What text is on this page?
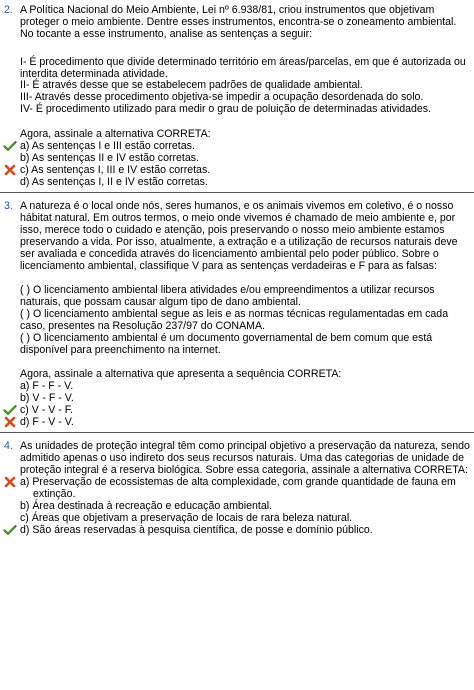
2. A Política Nacional do Meio Ambiente, Lei nº 6.938/81, criou instrumentos que objetivam
proteger o meio ambiente. Dentre esses instrumentos, encontra-se o zoneamento ambiental.
No tocante a esse instrumento, analise as sentenças a seguir:
I- É procedimento que divide determinado território em áreas/parcelas, em que é autorizada ou
interdita determinada atividade.
II- É através desse que se estabelecem padrões de qualidade ambiental.
III- Através desse procedimento objetiva-se impedir a ocupação desordenada do solo.
IV- É procedimento utilizado para medir o grau de poluição de determinadas atividades.
Agora, assinale a alternativa CORRETA:
a) As sentenças I e III estão corretas.
b) As sentenças II e IV estão corretas.
c) As sentenças I, III e IV estão corretas.
d) As sentenças I, II e IV estão corretas.
3. A natureza é o local onde nós, seres humanos, e os animais vivemos em coletivo, é o nosso
hábitat natural. Em outros termos, o meio onde vivemos é chamado de meio ambiente e, por
isso, merece todo o cuidado e atenção, pois preservando o nosso meio ambiente estamos
preservando a vida. Por isso, atualmente, a extração e a utilização de recursos naturais deve
ser avaliada e concedida através do licenciamento ambiental pelo poder público. Sobre o
licenciamento ambiental, classifique V para as sentenças verdadeiras e F para as falsas:
( ) O licenciamento ambiental libera atividades e/ou empreendimentos a utilizar recursos
naturais, que possam causar algum tipo de dano ambiental.
( ) O licenciamento ambiental segue as leis e as normas técnicas regulamentadas em cada
caso, presentes na Resolução 237/97 do CONAMA.
( ) O licenciamento ambiental é um documento governamental de bem comum que está
disponível para preenchimento na internet.
Agora, assinale a alternativa que apresenta a sequência CORRETA:
a) F - F - V.
b) V - F - V.
c) V - V - F.
d) F - V - V.
4. As unidades de proteção integral têm como principal objetivo a preservação da natureza, sendo
admitido apenas o uso indireto dos seus recursos naturais. Uma das categorias de unidade de
proteção integral é a reserva biológica. Sobre essa categoria, assinale a alternativa CORRETA:
a) Preservação de ecossistemas de alta complexidade, com grande quantidade de fauna em
extinção.
b) Área destinada à recreação e educação ambiental.
c) Áreas que objetivam a preservação de locais de rara beleza natural.
d) São áreas reservadas à pesquisa científica, de posse e domínio público.
